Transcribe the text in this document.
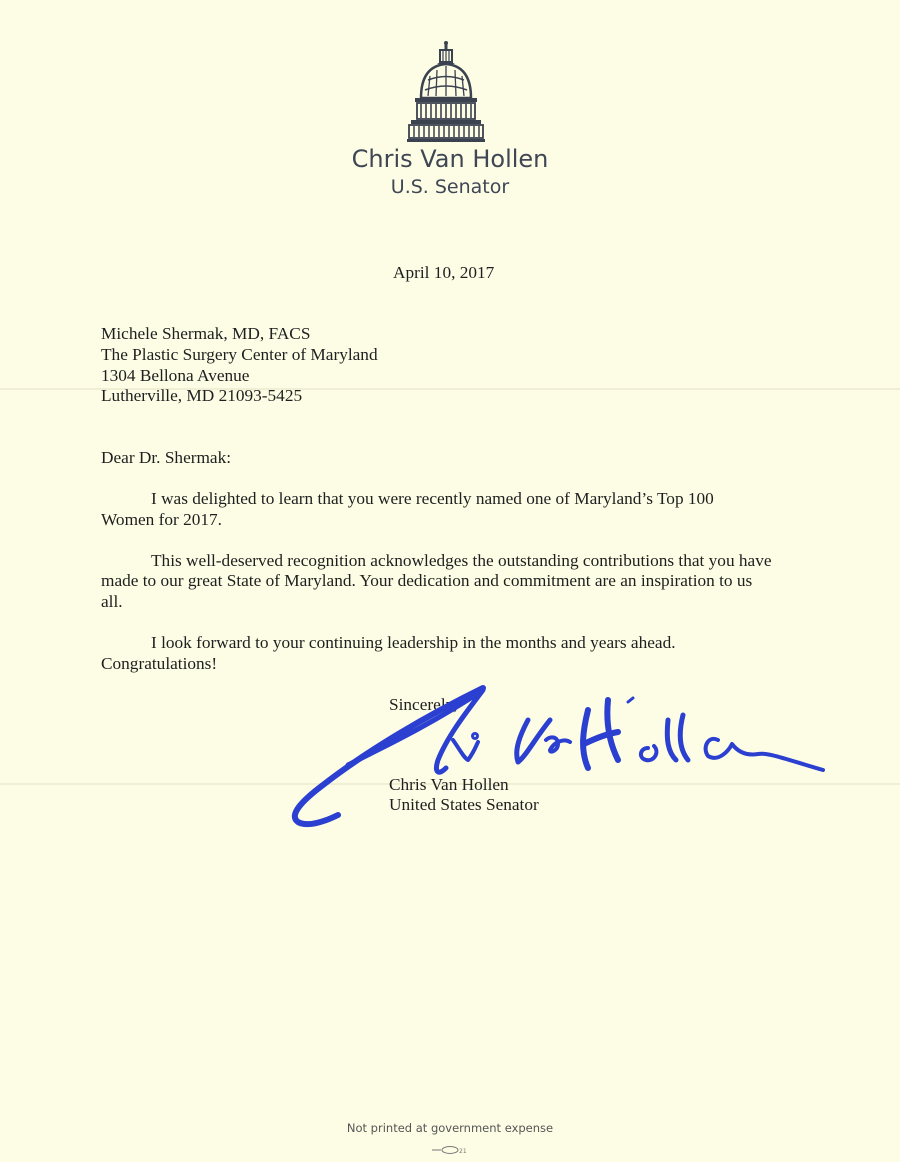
Chris Van Hollen
U.S. Senator
April 10, 2017
Michele Shermak, MD, FACS
The Plastic Surgery Center of Maryland
1304 Bellona Avenue
Lutherville, MD 21093-5425
Dear Dr. Shermak:
I was delighted to learn that you were recently named one of Maryland’s Top 100
Women for 2017.
This well-deserved recognition acknowledges the outstanding contributions that you have
made to our great State of Maryland. Your dedication and commitment are an inspiration to us
all.
I look forward to your continuing leadership in the months and years ahead.
Congratulations!
Sincerely,
Chris Van Hollen
United States Senator
Not printed at government expense
21
